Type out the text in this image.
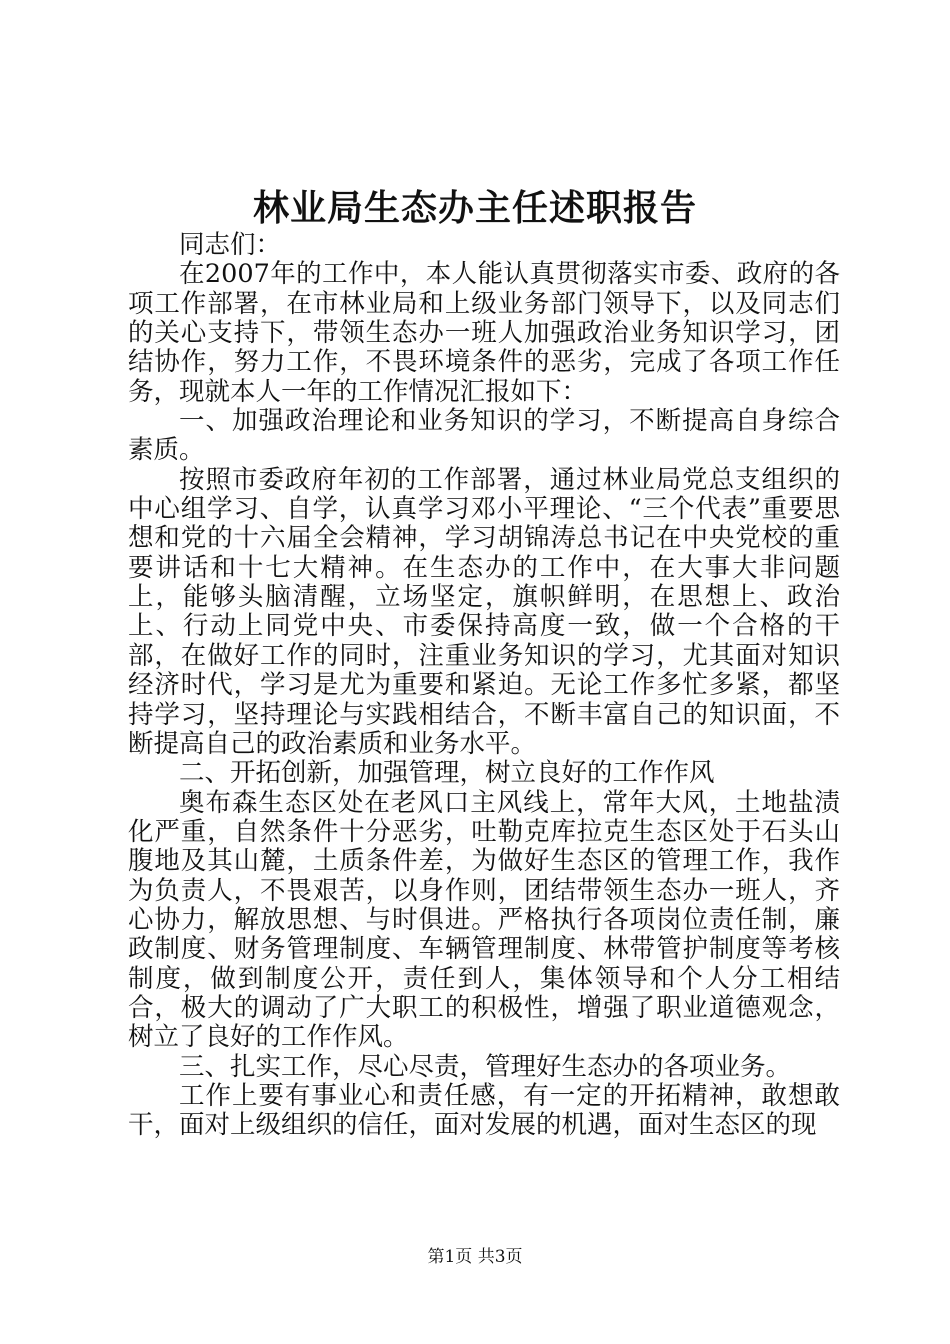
林业局生态办主任述职报告

同志们：

在2007年的工作中，本人能认真贯彻落实市委、政府的各项工作部署，在市林业局和上级业务部门领导下，以及同志们的关心支持下，带领生态办一班人加强政治业务知识学习，团结协作，努力工作，不畏环境条件的恶劣，完成了各项工作任务，现就本人一年的工作情况汇报如下：

一、加强政治理论和业务知识的学习，不断提高自身综合素质。

按照市委政府年初的工作部署，通过林业局党总支组织的中心组学习、自学，认真学习邓小平理论、“三个代表”重要思想和党的十六届全会精神，学习胡锦涛总书记在中央党校的重要讲话和十七大精神。在生态办的工作中，在大事大非问题上，能够头脑清醒，立场坚定，旗帜鲜明，在思想上、政治上、行动上同党中央、市委保持高度一致，做一个合格的干部，在做好工作的同时，注重业务知识的学习，尤其面对知识经济时代，学习是尤为重要和紧迫。无论工作多忙多紧，都坚持学习，坚持理论与实践相结合，不断丰富自己的知识面，不断提高自己的政治素质和业务水平。

二、开拓创新，加强管理，树立良好的工作作风

奥布森生态区处在老风口主风线上，常年大风，土地盐渍化严重，自然条件十分恶劣，吐勒克库拉克生态区处于石头山腹地及其山麓，土质条件差，为做好生态区的管理工作，我作为负责人，不畏艰苦，以身作则，团结带领生态办一班人，齐心协力，解放思想、与时俱进。严格执行各项岗位责任制，廉政制度、财务管理制度、车辆管理制度、林带管护制度等考核制度，做到制度公开，责任到人，集体领导和个人分工相结合，极大的调动了广大职工的积极性，增强了职业道德观念，树立了良好的工作作风。

三、扎实工作，尽心尽责，管理好生态办的各项业务。

工作上要有事业心和责任感，有一定的开拓精神，敢想敢干，面对上级组织的信任，面对发展的机遇，面对生态区的现

第1页 共3页
